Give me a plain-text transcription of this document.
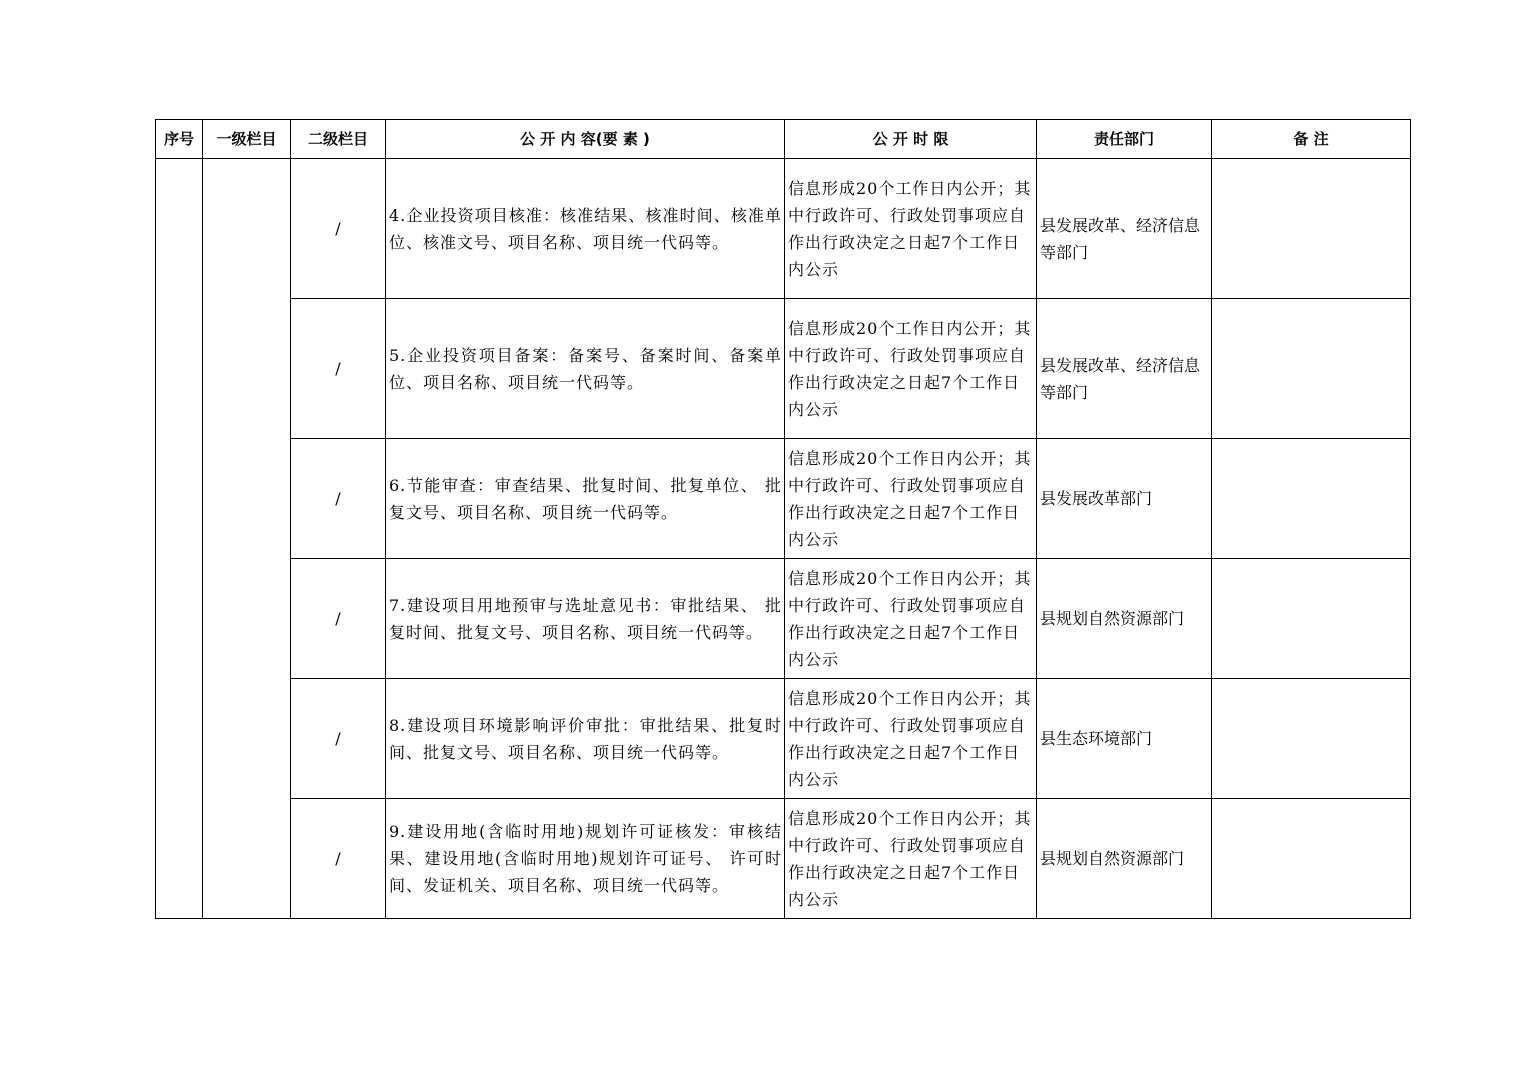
序号	一级栏目	二级栏目	公 开 内 容(要 素 )	公 开 时 限	责任部门	备 注
		/	4.企业投资项目核准：核准结果、核准时间、核准单位、核准文号、项目名称、项目统一代码等。	信息形成20个工作日内公开；其中行政许可、行政处罚事项应自作出行政决定之日起7个工作日内公示	县发展改革、经济信息等部门	
		/	5.企业投资项目备案：备案号、备案时间、备案单位、项目名称、项目统一代码等。	信息形成20个工作日内公开；其中行政许可、行政处罚事项应自作出行政决定之日起7个工作日内公示	县发展改革、经济信息等部门	
		/	6.节能审查：审查结果、批复时间、批复单位、 批复文号、项目名称、项目统一代码等。	信息形成20个工作日内公开；其中行政许可、行政处罚事项应自作出行政决定之日起7个工作日内公示	县发展改革部门	
		/	7.建设项目用地预审与选址意见书：审批结果、 批复时间、批复文号、项目名称、项目统一代码等。	信息形成20个工作日内公开；其中行政许可、行政处罚事项应自作出行政决定之日起7个工作日内公示	县规划自然资源部门	
		/	8.建设项目环境影响评价审批：审批结果、批复时间、批复文号、项目名称、项目统一代码等。	信息形成20个工作日内公开；其中行政许可、行政处罚事项应自作出行政决定之日起7个工作日内公示	县生态环境部门	
		/	9.建设用地(含临时用地)规划许可证核发：审核结果、建设用地(含临时用地)规划许可证号、 许可时间、发证机关、项目名称、项目统一代码等。	信息形成20个工作日内公开；其中行政许可、行政处罚事项应自作出行政决定之日起7个工作日内公示	县规划自然资源部门	
